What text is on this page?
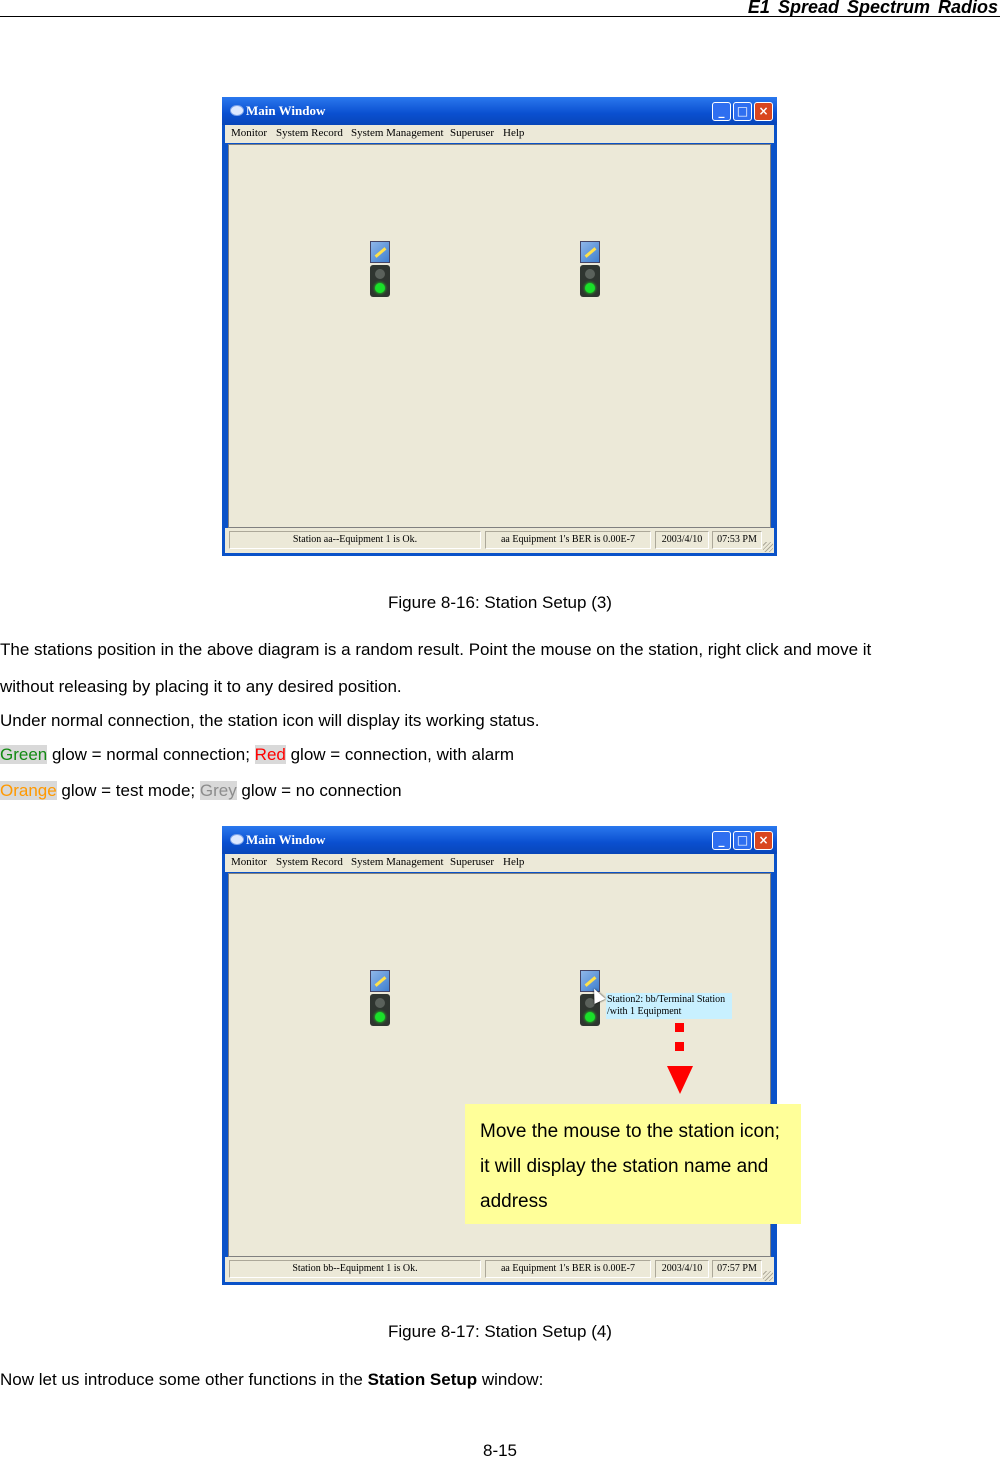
E1 Spread Spectrum Radios
Main Window	_	□ ×
Monitor System Record System Management Superuser Help
Station aa--Equipment 1 is Ok.	aa Equipment 1's BER is 0.00E-7	2003/4/10	07:53 PM
Figure 8-16: Station Setup (3)
The stations position in the above diagram is a random result. Point the mouse on the station, right click and move it
without releasing by placing it to any desired position.
Under normal connection, the station icon will display its working status.
Green glow = normal connection; Red glow = connection, with alarm
Orange glow = test mode; Grey glow = no connection
Main Window	_	□ ×
Monitor System Record System Management Superuser Help
Station bb--Equipment 1 is Ok.	aa Equipment 1's BER is 0.00E-7	2003/4/10	07:57 PM
Station2: bb/Terminal Station
/with 1 Equipment
Move the mouse to the station icon;
it will display the station name and
address
Figure 8-17: Station Setup (4)
Now let us introduce some other functions in the Station Setup window:
8-15
